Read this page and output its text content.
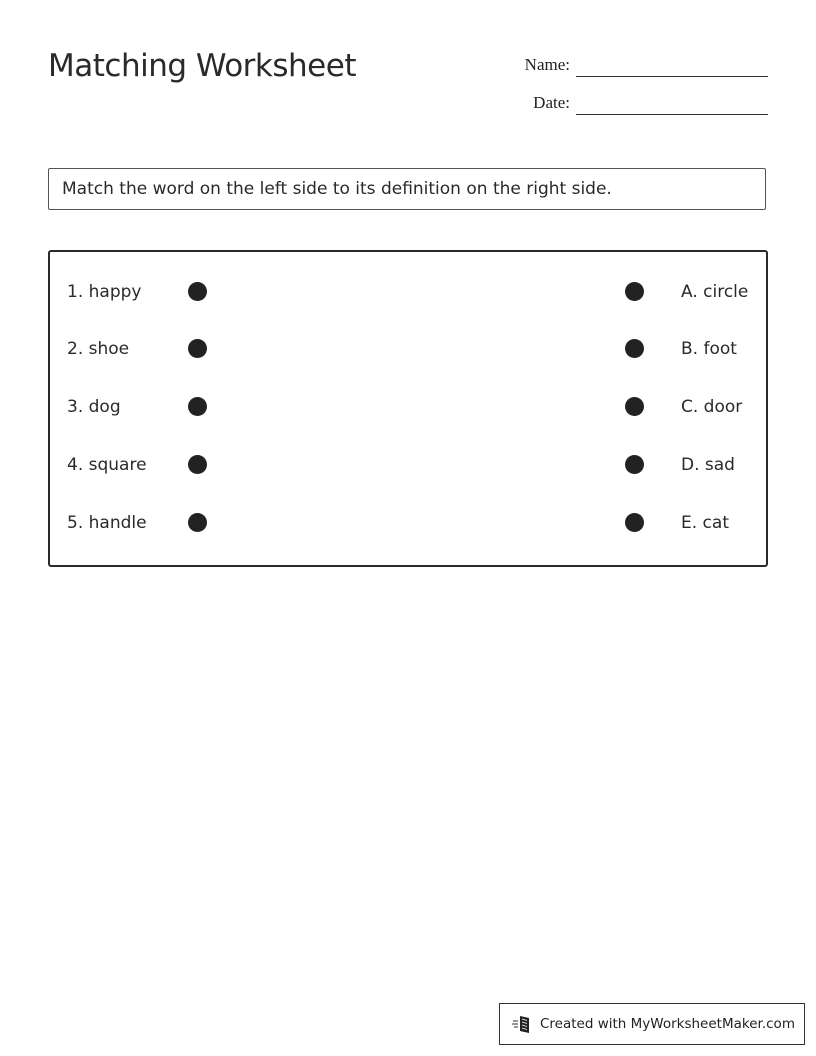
Matching Worksheet	Name:
Date:
Match the word on the left side to its definition on the right side.
1. happy	A. circle
2. shoe	B. foot
3. dog	C. door
4. square	D. sad
5. handle	E. cat
Created with MyWorksheetMaker.com
